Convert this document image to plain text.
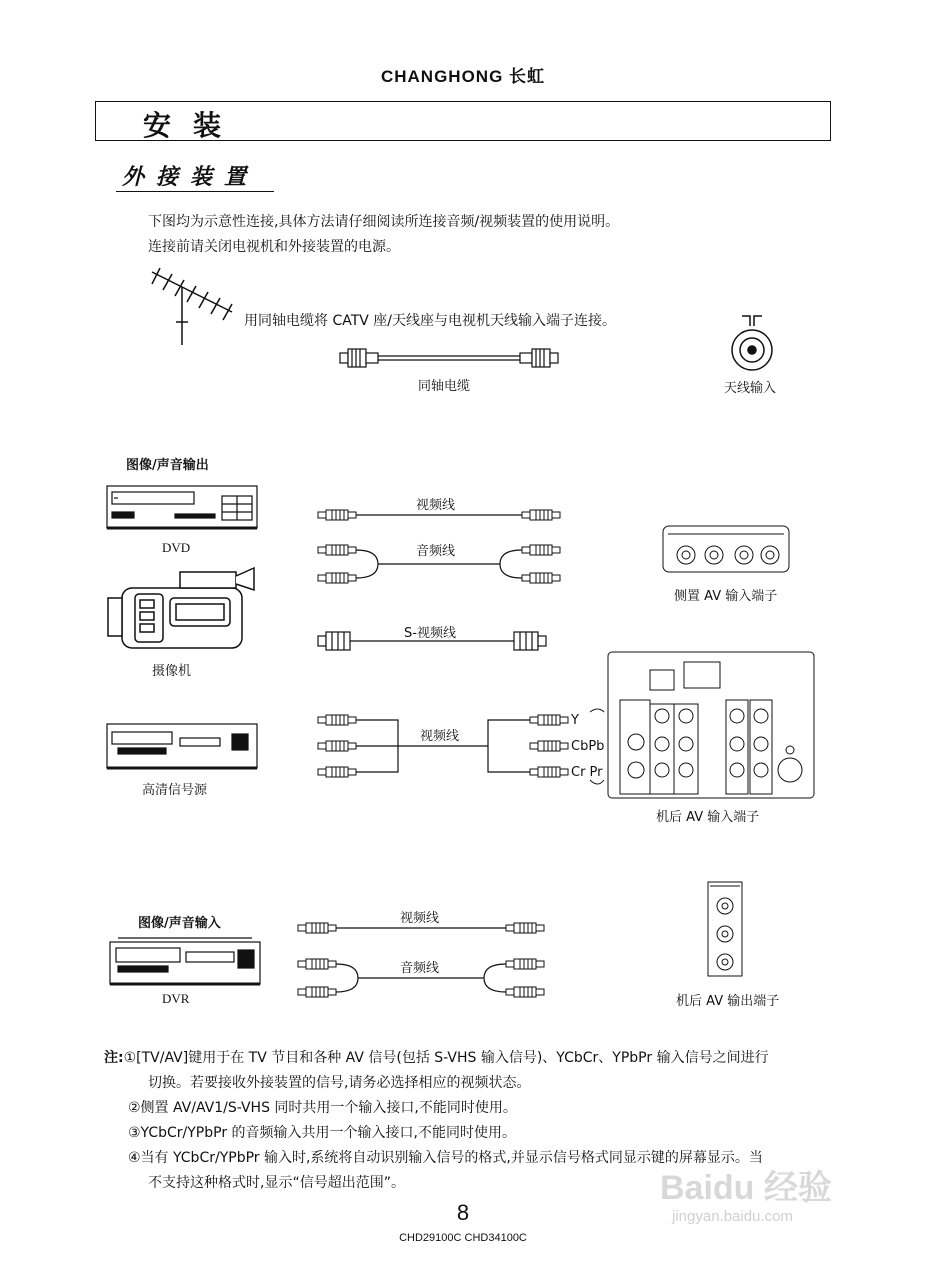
CHANGHONG 长虹
安装
外接装置
下图均为示意性连接,具体方法请仔细阅读所连接音频/视频装置的使用说明。
连接前请关闭电视机和外接装置的电源。
用同轴电缆将 CATV 座/天线座与电视机天线输入端子连接。
同轴电缆	天线输入
图像/声音输出
DVD
摄像机
高清信号源
视频线
音频线
S-视频线
视频线
Y
CbPb
Cr Pr
侧置 AV 输入端子
机后 AV 输入端子
图像/声音输入
DVR
视频线
音频线
机后 AV 输出端子
注:①[TV/AV]键用于在 TV 节目和各种 AV 信号(包括 S-VHS 输入信号)、YCbCr、YPbPr 输入信号之间进行
切换。若要接收外接装置的信号,请务必选择相应的视频状态。
②侧置 AV/AV1/S-VHS 同时共用一个输入接口,不能同时使用。
③YCbCr/YPbPr 的音频输入共用一个输入接口,不能同时使用。
④当有 YCbCr/YPbPr 输入时,系统将自动识别输入信号的格式,并显示信号格式同显示键的屏幕显示。当
不支持这种格式时,显示“信号超出范围”。
8
CHD29100C CHD34100C
Baidu 经验
jingyan.baidu.com
